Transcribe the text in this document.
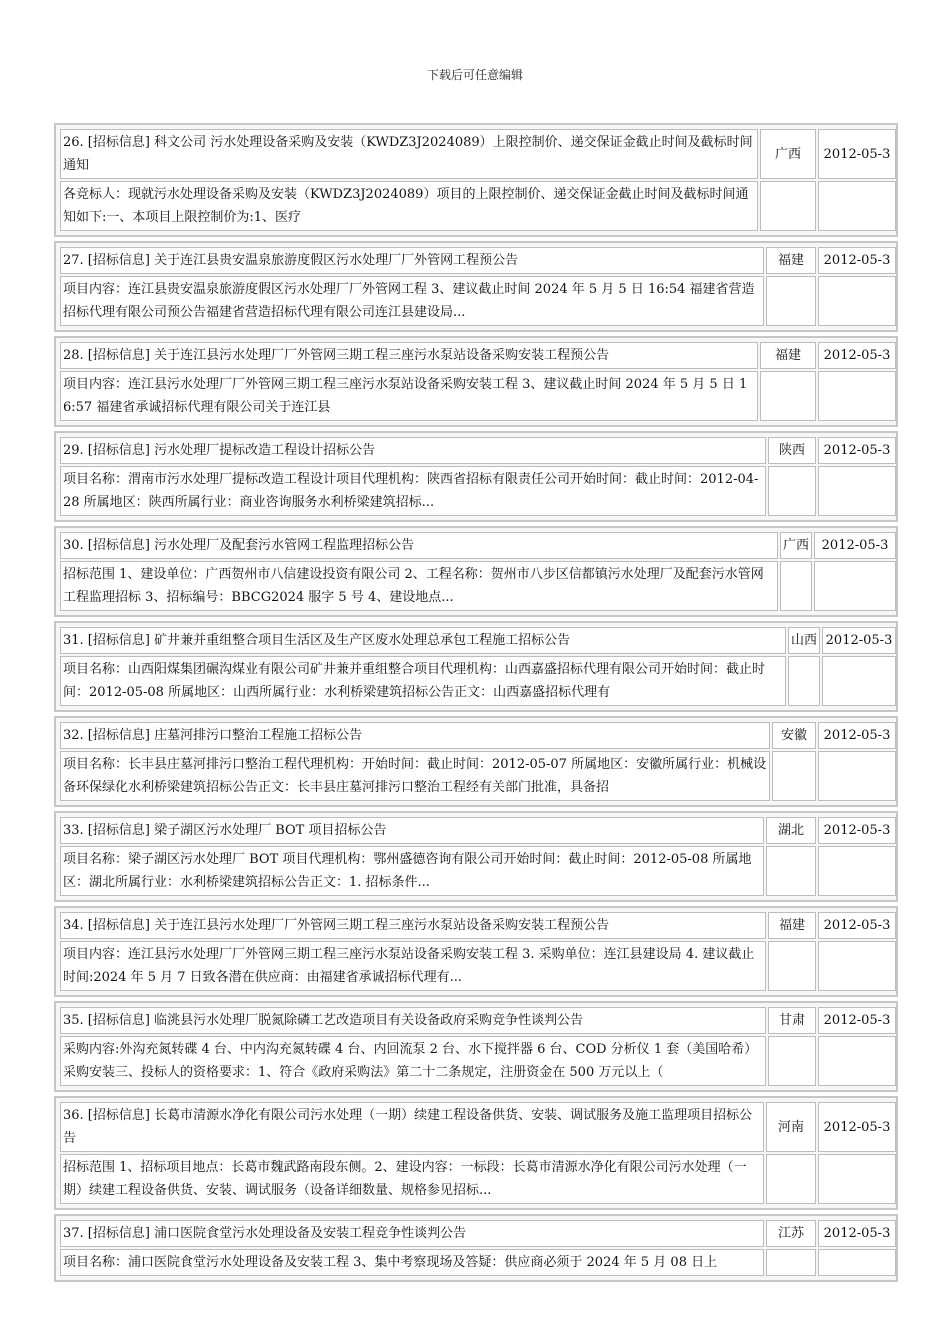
下载后可任意编辑
26. [招标信息] 科文公司 污水处理设备采购及安装（KWDZ3J2024089）上限控制价、递交保证金截止时间及截标时间通知	广西	2012-05-3
各竞标人：现就污水处理设备采购及安装（KWDZ3J2024089）项目的上限控制价、递交保证金截止时间及截标时间通知如下:一、本项目上限控制价为:1、医疗		
27. [招标信息] 关于连江县贵安温泉旅游度假区污水处理厂厂外管网工程预公告	福建	2012-05-3
项目内容：连江县贵安温泉旅游度假区污水处理厂厂外管网工程 3、建议截止时间 2024 年 5 月 5 日 16:54 福建省营造招标代理有限公司预公告福建省营造招标代理有限公司连江县建设局...		
28. [招标信息] 关于连江县污水处理厂厂外管网三期工程三座污水泵站设备采购安装工程预公告	福建	2012-05-3
项目内容：连江县污水处理厂厂外管网三期工程三座污水泵站设备采购安装工程 3、建议截止时间 2024 年 5 月 5 日 16:57 福建省承诚招标代理有限公司关于连江县		
29. [招标信息] 污水处理厂提标改造工程设计招标公告	陕西	2012-05-3
项目名称：渭南市污水处理厂提标改造工程设计项目代理机构：陕西省招标有限责任公司开始时间：截止时间：2012-04-28 所属地区：陕西所属行业：商业咨询服务水利桥梁建筑招标...		
30. [招标信息] 污水处理厂及配套污水管网工程监理招标公告	广西	2012-05-3
招标范围 1、建设单位：广西贺州市八信建设投资有限公司 2、工程名称：贺州市八步区信都镇污水处理厂及配套污水管网工程监理招标 3、招标编号：BBCG2024 服字 5 号 4、建设地点...		
31. [招标信息] 矿井兼并重组整合项目生活区及生产区废水处理总承包工程施工招标公告	山西	2012-05-3
项目名称：山西阳煤集团碾沟煤业有限公司矿井兼并重组整合项目代理机构：山西嘉盛招标代理有限公司开始时间：截止时间：2012-05-08 所属地区：山西所属行业：水利桥梁建筑招标公告正文：山西嘉盛招标代理有		
32. [招标信息] 庄墓河排污口整治工程施工招标公告	安徽	2012-05-3
项目名称：长丰县庄墓河排污口整治工程代理机构：开始时间：截止时间：2012-05-07 所属地区：安徽所属行业：机械设备环保绿化水利桥梁建筑招标公告正文：长丰县庄墓河排污口整治工程经有关部门批准，具备招		
33. [招标信息] 梁子湖区污水处理厂 BOT 项目招标公告	湖北	2012-05-3
项目名称：梁子湖区污水处理厂 BOT 项目代理机构：鄂州盛德咨询有限公司开始时间：截止时间：2012-05-08 所属地区：湖北所属行业：水利桥梁建筑招标公告正文：1. 招标条件...		
34. [招标信息] 关于连江县污水处理厂厂外管网三期工程三座污水泵站设备采购安装工程预公告	福建	2012-05-3
项目内容：连江县污水处理厂厂外管网三期工程三座污水泵站设备采购安装工程 3. 采购单位：连江县建设局 4. 建议截止时间:2024 年 5 月 7 日致各潜在供应商：由福建省承诚招标代理有...		
35. [招标信息] 临洮县污水处理厂脱氮除磷工艺改造项目有关设备政府采购竞争性谈判公告	甘肃	2012-05-3
采购内容:外沟充氮转碟 4 台、中内沟充氮转碟 4 台、内回流泵 2 台、水下搅拌器 6 台、COD 分析仪 1 套（美国哈希）采购安装三、投标人的资格要求：1、符合《政府采购法》第二十二条规定，注册资金在 500 万元以上（		
36. [招标信息] 长葛市清源水净化有限公司污水处理（一期）续建工程设备供货、安装、调试服务及施工监理项目招标公告	河南	2012-05-3
招标范围 1、招标项目地点：长葛市魏武路南段东侧。2、建设内容：一标段：长葛市清源水净化有限公司污水处理（一期）续建工程设备供货、安装、调试服务（设备详细数量、规格参见招标...		
37. [招标信息] 浦口医院食堂污水处理设备及安装工程竞争性谈判公告	江苏	2012-05-3
项目名称：浦口医院食堂污水处理设备及安装工程 3、集中考察现场及答疑：供应商必须于 2024 年 5 月 08 日上		
